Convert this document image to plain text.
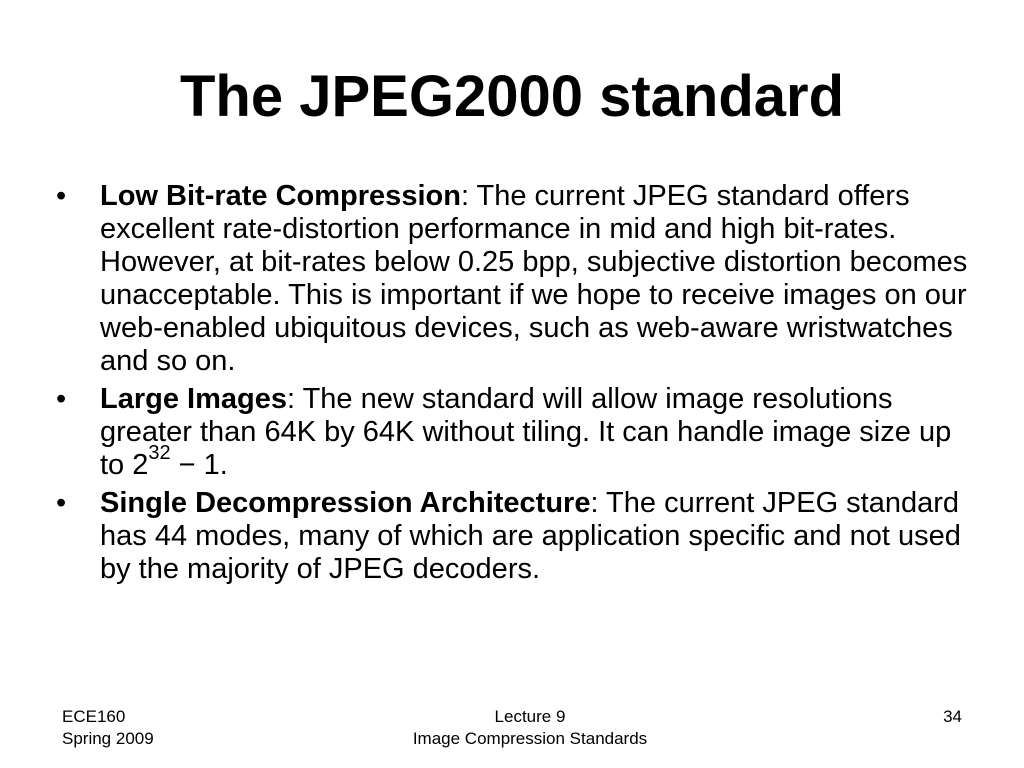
The JPEG2000 standard
• Low Bit-rate Compression: The current JPEG standard offers excellent rate-distortion performance in mid and high bit-rates. However, at bit-rates below 0.25 bpp, subjective distortion becomes unacceptable. This is important if we hope to receive images on our web-enabled ubiquitous devices, such as web-aware wristwatches and so on.
• Large Images: The new standard will allow image resolutions greater than 64K by 64K without tiling. It can handle image size up to $2^{32} - 1$.
• Single Decompression Architecture: The current JPEG standard has 44 modes, many of which are application specific and not used by the majority of JPEG decoders.
ECE160
Spring 2009
Lecture 9
Image Compression Standards
34
